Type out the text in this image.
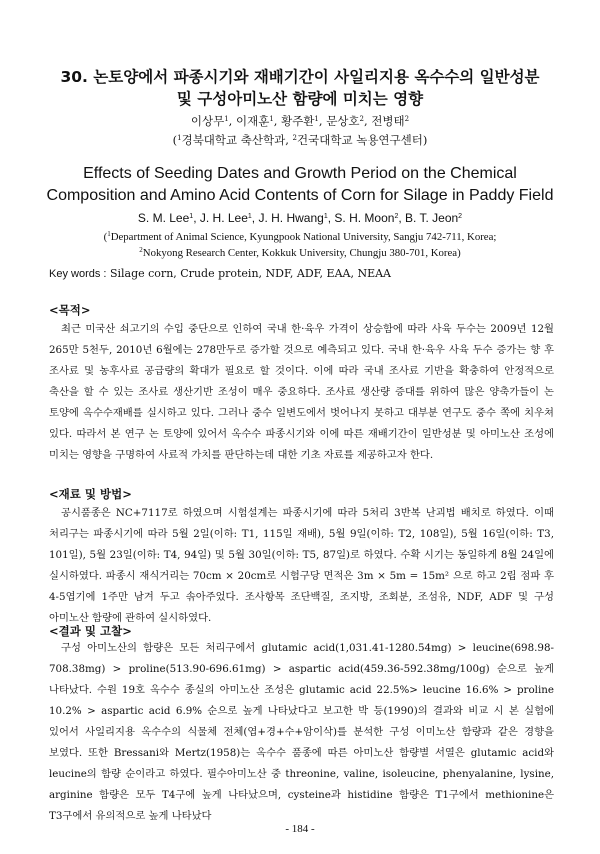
30. 논토양에서 파종시기와 재배기간이 사일리지용 옥수수의 일반성분
및 구성아미노산 함량에 미치는 영향
이상무$^1$, 이재훈$^1$, 황주환$^1$, 문상호$^2$, 전병태$^2$
($^1$경북대학교 축산학과, $^2$건국대학교 녹용연구센터)
Effects of Seeding Dates and Growth Period on the Chemical
Composition and Amino Acid Contents of Corn for Silage in Paddy Field
S. M. Lee$^1$, J. H. Lee$^1$, J. H. Hwang$^1$, S. H. Moon$^2$, B. T. Jeon$^2$
($^1$Department of Animal Science, Kyungpook National University, Sangju 742-711, Korea;
$^2$Nokyong Research Center, Kokkuk University, Chungju 380-701, Korea)
Key words : Silage corn, Crude protein, NDF, ADF, EAA, NEAA
<목적>

최근 미국산 쇠고기의 수입 중단으로 인하여 국내 한·육우 가격이 상승함에 따라 사육 두수는 2009년 12월 265만 5천두, 2010년 6월에는 278만두로 증가할 것으로 예측되고 있다. 국내 한·육우 사육 두수 증가는 향 후 조사료 및 농후사료 공급량의 확대가 필요로 할 것이다. 이에 따라 국내 조사료 기반을 확충하여 안정적으로 축산을 할 수 있는 조사료 생산기반 조성이 매우 중요하다. 조사료 생산량 증대를 위하여 많은 양축가들이 논 토양에 옥수수재배를 실시하고 있다. 그러나 중수 일변도에서 벗어나지 못하고 대부분 연구도 중수 쪽에 치우쳐 있다. 따라서 본 연구 논 토양에 있어서 옥수수 파종시기와 이에 따른 재배기간이 일반성분 및 아미노산 조성에 미치는 영향을 구명하여 사료적 가치를 판단하는데 대한 기초 자료를 제공하고자 한다.

<재료 및 방법>

공시품종은 NC+7117로 하였으며 시험설계는 파종시기에 따라 5처리 3반복 난괴법 배치로 하였다. 이때 처리구는 파종시기에 따라 5월 2일(이하: T1, 115일 재배), 5월 9일(이하: T2, 108일), 5월 16일(이하: T3, 101일), 5월 23일(이하: T4, 94일) 및 5월 30일(이하: T5, 87일)로 하였다. 수확 시기는 동일하게 8월 24일에 실시하였다. 파종시 재식거리는 70cm × 20cm로 시험구당 면적은 3m × 5m = 15m² 으로 하고 2립 점파 후 4-5엽기에 1주만 남겨 두고 솎아주었다. 조사항목 조단백질, 조지방, 조회분, 조섬유, NDF, ADF 및 구성 아미노산 함량에 관하여 실시하였다.

<결과 및 고찰>

구성 아미노산의 함량은 모든 처리구에서 glutamic acid(1,031.41-1280.54mg) > leucine(698.98-708.38mg) > proline(513.90-696.61mg) > aspartic acid(459.36-592.38mg/100g) 순으로 높게 나타났다. 수원 19호 옥수수 종실의 아미노산 조성은 glutamic acid 22.5%> leucine 16.6% > proline 10.2% > aspartic acid 6.9% 순으로 높게 나타났다고 보고한 박 등(1990)의 결과와 비교 시 본 실험에 있어서 사일리지용 옥수수의 식물체 전체(엽+경+수+암이삭)를 분석한 구성 이미노산 함량과 같은 경향을 보였다. 또한 Bressani와 Mertz(1958)는 옥수수 품종에 따른 아미노산 함량별 서열은 glutamic acid와 leucine의 함량 순이라고 하였다. 필수아미노산 중 threonine, valine, isoleucine, phenyalanine, lysine, arginine 함량은 모두 T4구에 높게 나타났으며, cysteine과 histidine 함량은 T1구에서 methionine은 T3구에서 유의적으로 높게 나타났다

- 184 -
